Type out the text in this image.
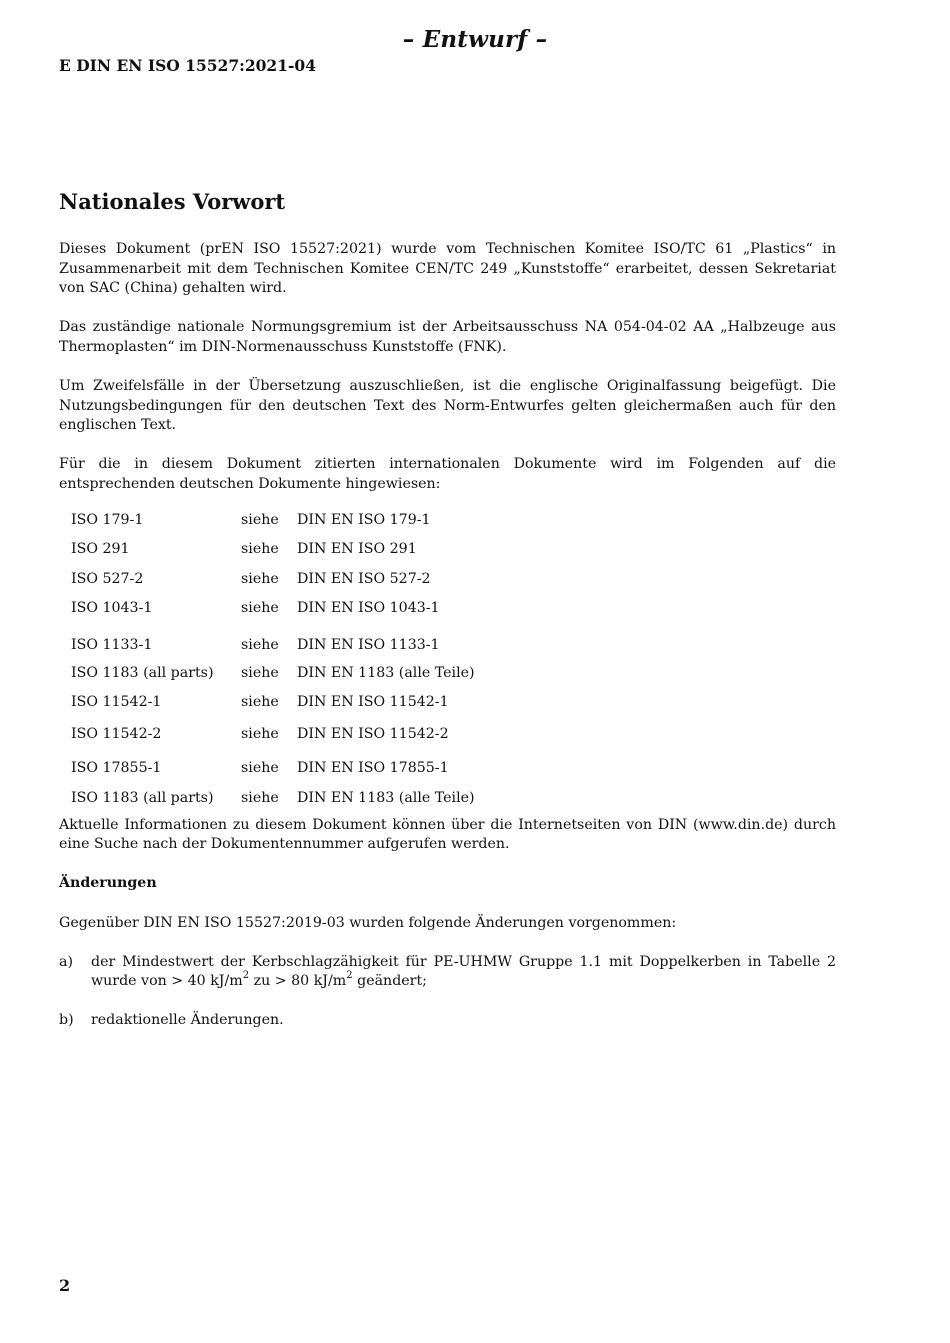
– Entwurf –
E DIN EN ISO 15527:2021-04
Nationales Vorwort

Dieses Dokument (prEN ISO 15527:2021) wurde vom Technischen Komitee ISO/TC 61 „Plastics“ in Zusammenarbeit mit dem Technischen Komitee CEN/TC 249 „Kunststoffe“ erarbeitet, dessen Sekretariat von SAC (China) gehalten wird.

Das zuständige nationale Normungsgremium ist der Arbeitsausschuss NA 054-04-02 AA „Halbzeuge aus Thermoplasten“ im DIN-Normenausschuss Kunststoffe (FNK).

Um Zweifelsfälle in der Übersetzung auszuschließen, ist die englische Originalfassung beigefügt. Die Nutzungsbedingungen für den deutschen Text des Norm-Entwurfes gelten gleichermaßen auch für den englischen Text.

Für die in diesem Dokument zitierten internationalen Dokumente wird im Folgenden auf die entsprechenden deutschen Dokumente hingewiesen:

ISO 179-1	siehe	DIN EN ISO 179-1
ISO 291	siehe	DIN EN ISO 291
ISO 527-2	siehe	DIN EN ISO 527-2
ISO 1043-1	siehe	DIN EN ISO 1043-1
ISO 1133-1	siehe	DIN EN ISO 1133-1
ISO 1183 (all parts)	siehe	DIN EN 1183 (alle Teile)
ISO 11542-1	siehe	DIN EN ISO 11542-1
ISO 11542-2	siehe	DIN EN ISO 11542-2
ISO 17855-1	siehe	DIN EN ISO 17855-1
ISO 1183 (all parts)	siehe	DIN EN 1183 (alle Teile)

Aktuelle Informationen zu diesem Dokument können über die Internetseiten von DIN (www.din.de) durch eine Suche nach der Dokumentennummer aufgerufen werden.

Änderungen

Gegenüber DIN EN ISO 15527:2019-03 wurden folgende Änderungen vorgenommen:

a)	der Mindestwert der Kerbschlagzähigkeit für PE-UHMW Gruppe 1.1 mit Doppelkerben in Tabelle 2 wurde von > 40 $kJ/m^2$ zu > 80 $kJ/m^2$ geändert;
b)	redaktionelle Änderungen.
2
